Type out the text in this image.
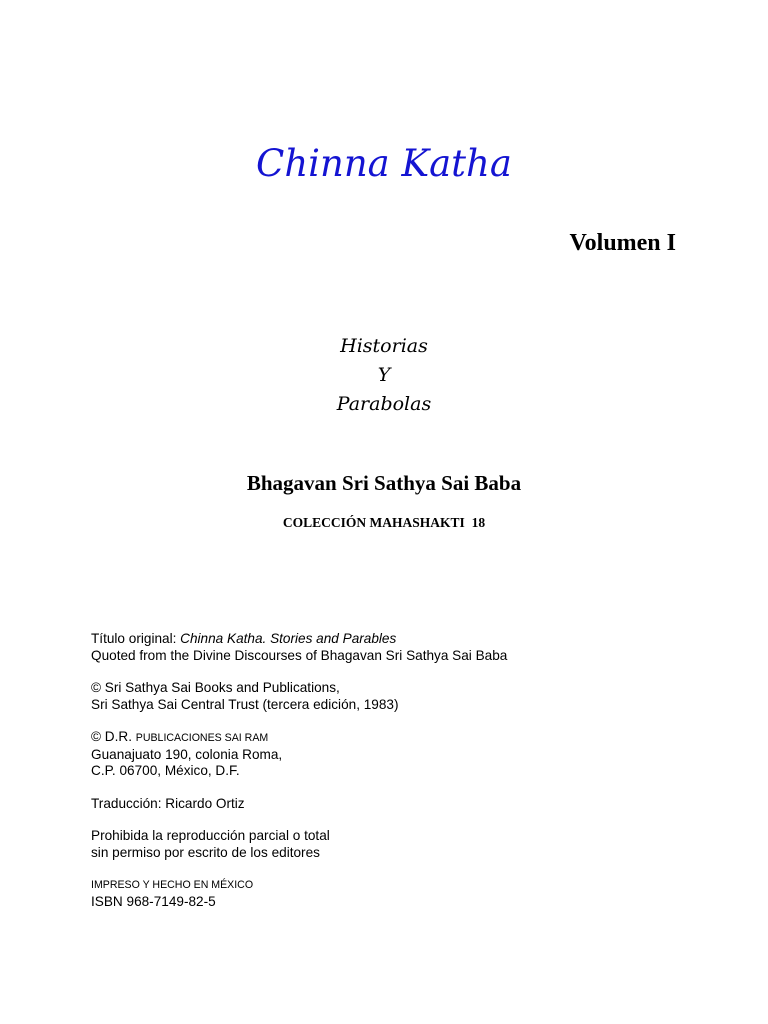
Chinna Katha
Volumen I
Historias
Y
Parabolas
Bhagavan Sri Sathya Sai Baba
COLECCIÓN MAHASHAKTI  18
Título original: Chinna Katha. Stories and Parables
Quoted from the Divine Discourses of Bhagavan Sri Sathya Sai Baba
© Sri Sathya Sai Books and Publications,
Sri Sathya Sai Central Trust (tercera edición, 1983)
© D.R. PUBLICACIONES SAI RAM
Guanajuato 190, colonia Roma,
C.P. 06700, México, D.F.
Traducción: Ricardo Ortiz
Prohibida la reproducción parcial o total
sin permiso por escrito de los editores
IMPRESO Y HECHO EN MÉXICO
ISBN 968-7149-82-5
